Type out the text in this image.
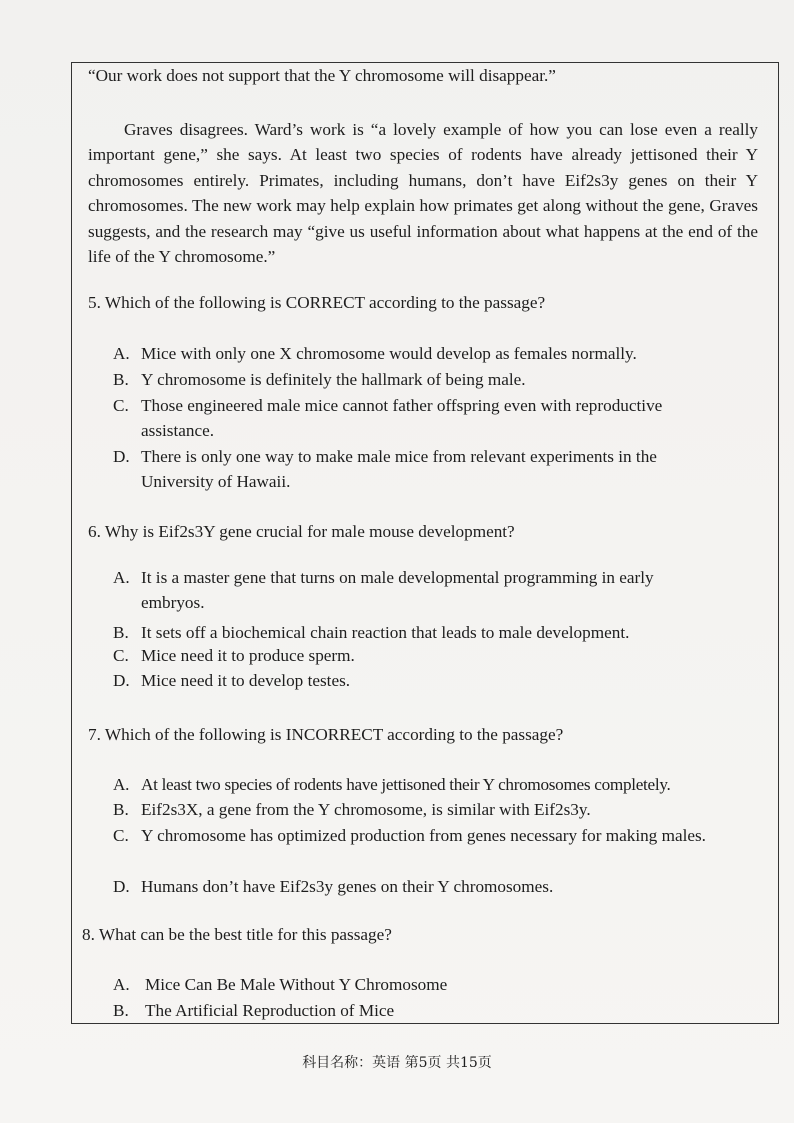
“Our work does not support that the Y chromosome will disappear.”
Graves disagrees. Ward’s work is “a lovely example of how you can lose even a really important gene,” she says. At least two species of rodents have already jettisoned their Y chromosomes entirely. Primates, including humans, don’t have Eif2s3y genes on their Y chromosomes. The new work may help explain how primates get along without the gene, Graves suggests, and the research may “give us useful information about what happens at the end of the life of the Y chromosome.”
5. Which of the following is CORRECT according to the passage?
A. Mice with only one X chromosome would develop as females normally.
B. Y chromosome is definitely the hallmark of being male.
C. Those engineered male mice cannot father offspring even with reproductive assistance.
D. There is only one way to make male mice from relevant experiments in the University of Hawaii.
6. Why is Eif2s3Y gene crucial for male mouse development?
A. It is a master gene that turns on male developmental programming in early embryos.
B. It sets off a biochemical chain reaction that leads to male development.
C. Mice need it to produce sperm.
D. Mice need it to develop testes.
7. Which of the following is INCORRECT according to the passage?
A. At least two species of rodents have jettisoned their Y chromosomes completely.
B. Eif2s3X, a gene from the Y chromosome, is similar with Eif2s3y.
C. Y chromosome has optimized production from genes necessary for making males.
D. Humans don’t have Eif2s3y genes on their Y chromosomes.
8. What can be the best title for this passage?
A. Mice Can Be Male Without Y Chromosome
B. The Artificial Reproduction of Mice
科目名称：英语 第5页 共15页
